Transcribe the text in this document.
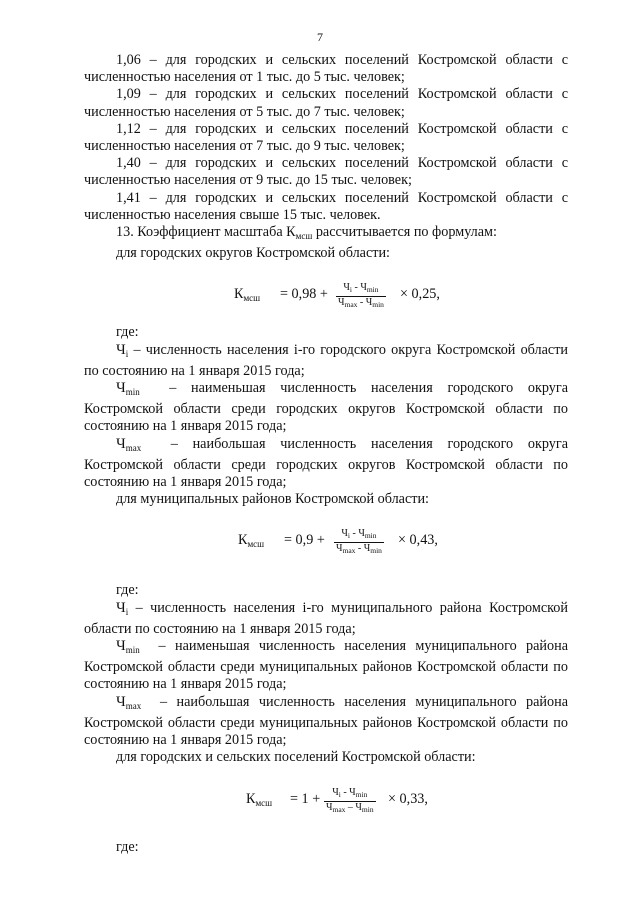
7

1,06 – для городских и сельских поселений Костромской области с численностью населения от 1 тыс. до 5 тыс. человек;

1,09 – для городских и сельских поселений Костромской области с численностью населения от 5 тыс. до 7 тыс. человек;

1,12 – для городских и сельских поселений Костромской области с численностью населения от 7 тыс. до 9 тыс. человек;

1,40 – для городских и сельских поселений Костромской области с численностью населения от 9 тыс. до 15 тыс. человек;

1,41 – для городских и сельских поселений Костромской области с численностью населения свыше 15 тыс. человек.

13. Коэффициент масштаба $К_{мсш}$ рассчитывается по формулам:

для городских округов Костромской области:

$К_{мсш} = 0,98$ +	$Ч_i - Ч_{min}$
$Ч_{max} - Ч_{min}$
× 0,25,

где:

$Ч_i$ – численность населения i-го городского округа Костромской области по состоянию на 1 января 2015 года;

$Ч_{min}$ – наименьшая численность населения городского округа Костромской области среди городских округов Костромской области по состоянию на 1 января 2015 года;

$Ч_{max}$ – наибольшая численность населения городского округа Костромской области среди городских округов Костромской области по состоянию на 1 января 2015 года;

для муниципальных районов Костромской области:

$К_{мсш} = 0,9$ +	$Ч_i - Ч_{min}$
$Ч_{max} - Ч_{min}$
× 0,43,

где:

$Ч_i$ – численность населения i-го муниципального района Костромской области по состоянию на 1 января 2015 года;

$Ч_{min}$ – наименьшая численность населения муниципального района Костромской области среди муниципальных районов Костромской области по состоянию на 1 января 2015 года;

$Ч_{max}$ – наибольшая численность населения муниципального района Костромской области среди муниципальных районов Костромской области по состоянию на 1 января 2015 года;

для городских и сельских поселений Костромской области:

$К_{мсш} = 1$ +	$Ч_i - Ч_{min}$
$Ч_{max} - Ч_{min}$
× 0,33,

где:
